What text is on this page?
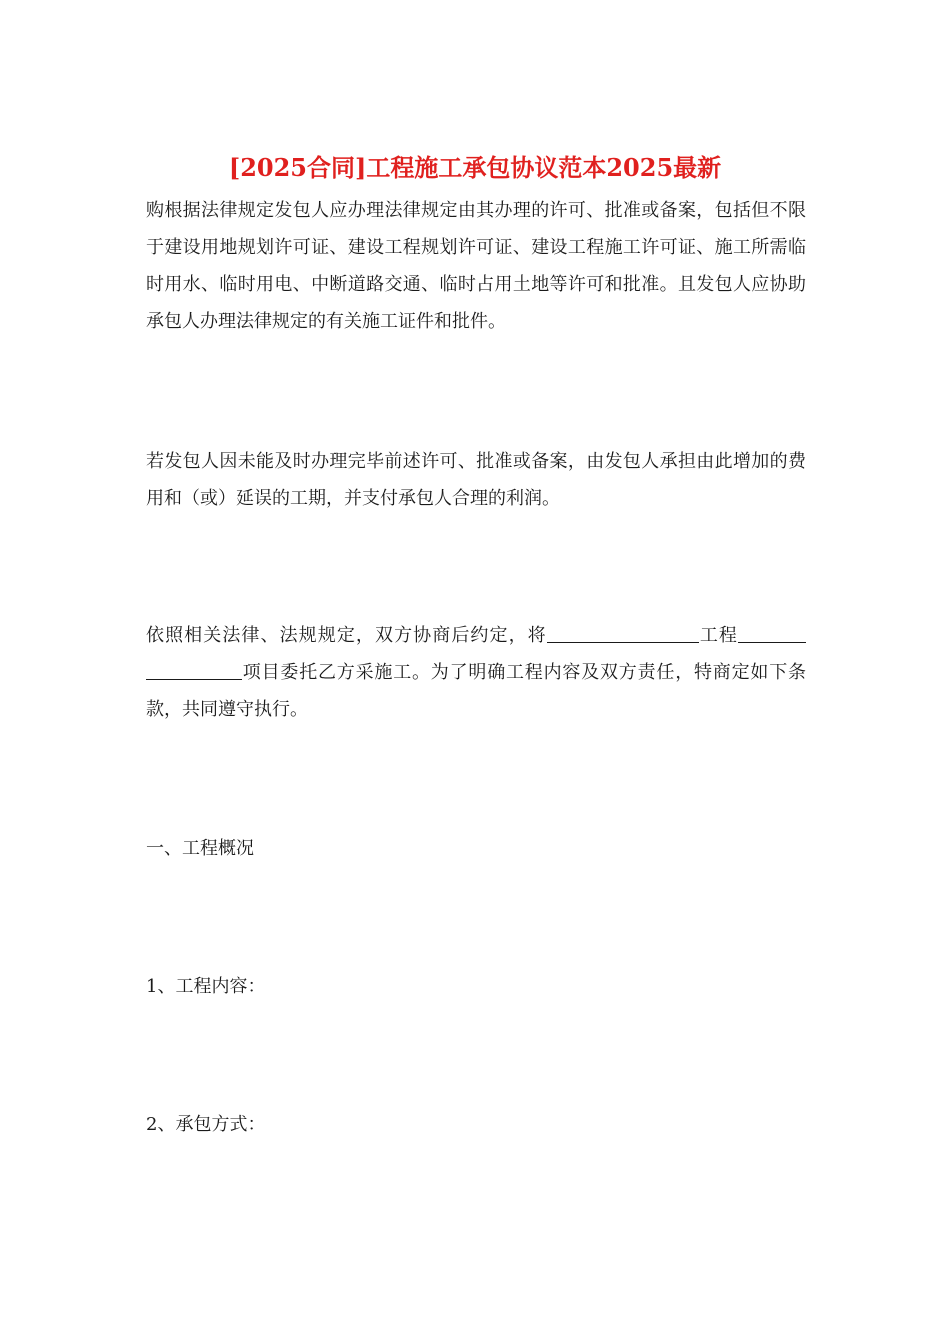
[2025合同]工程施工承包协议范本2025最新
购根据法律规定发包人应办理法律规定由其办理的许可、批准或备案，包括但不限于建设用地规划许可证、建设工程规划许可证、建设工程施工许可证、施工所需临时用水、临时用电、中断道路交通、临时占用土地等许可和批准。且发包人应协助承包人办理法律规定的有关施工证件和批件。
若发包人因未能及时办理完毕前述许可、批准或备案，由发包人承担由此增加的费用和（或）延误的工期，并支付承包人合理的利润。
依照相关法律、法规规定，双方协商后约定，将	工程项目委托乙方采施工。为了明确工程内容及双方责任，特商定如下条款，共同遵守执行。
一、工程概况
1、工程内容：
2、承包方式：
